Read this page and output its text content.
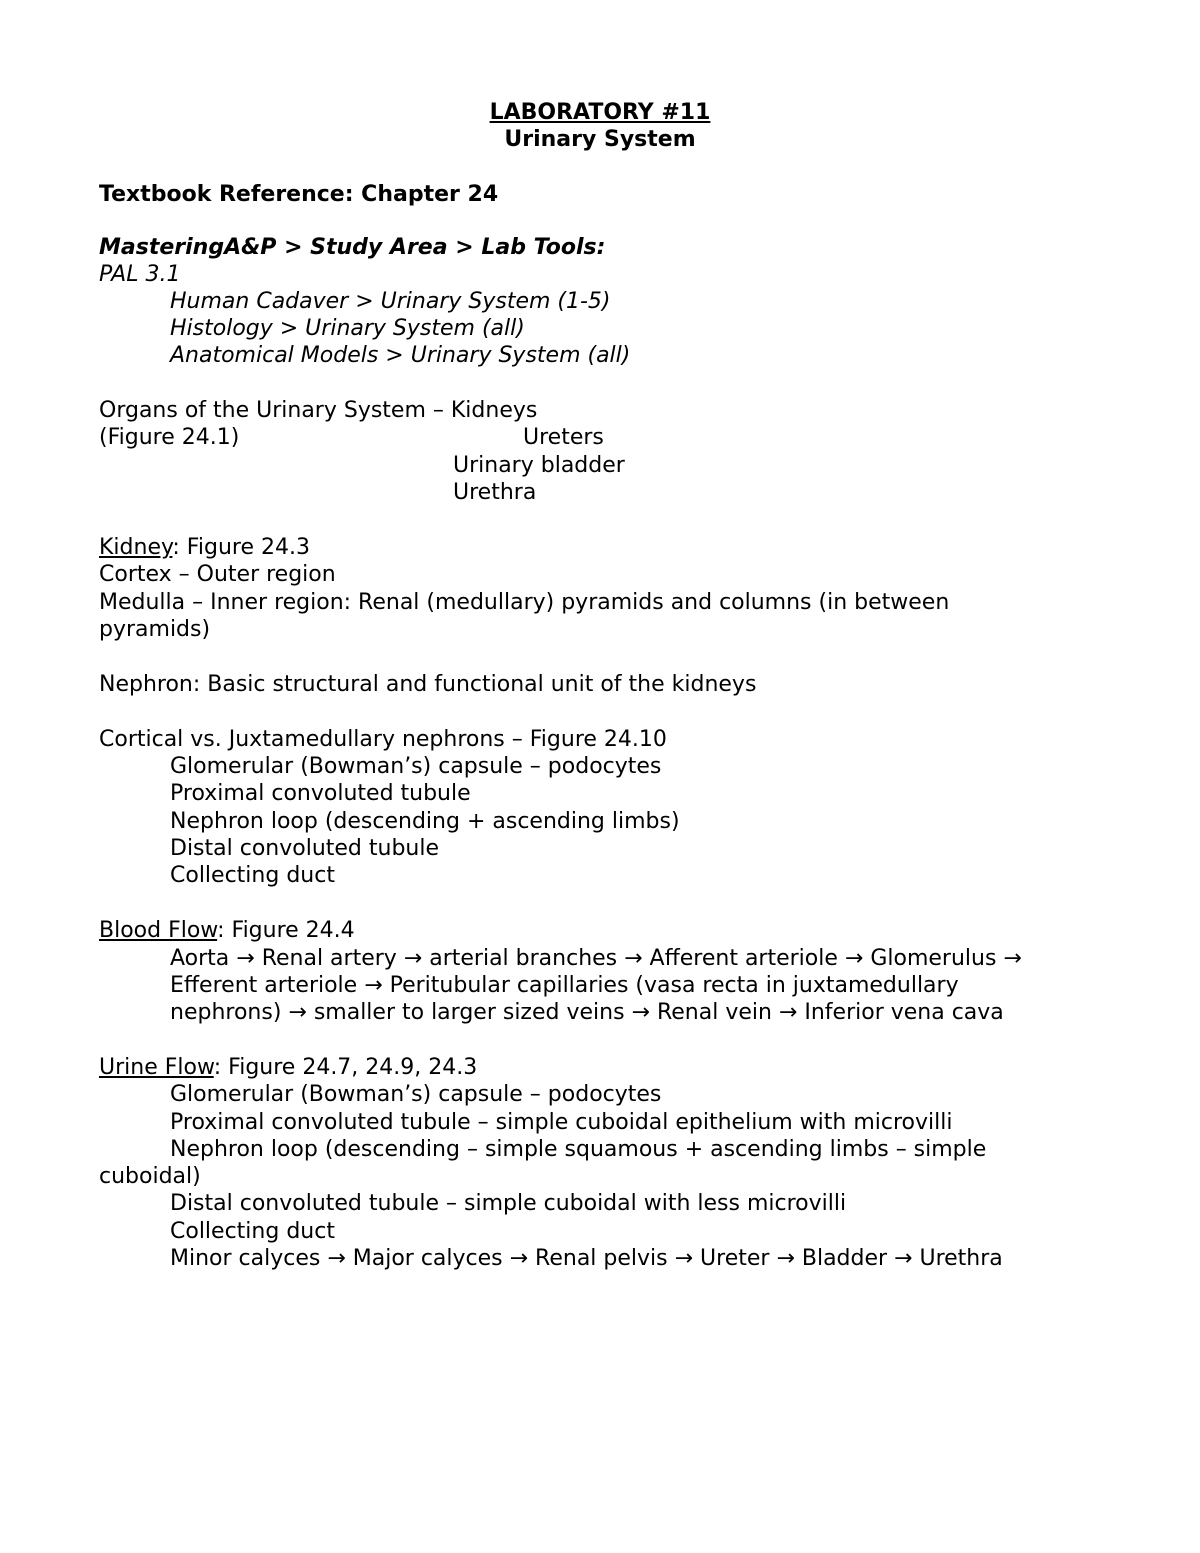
LABORATORY #11
Urinary System
Textbook Reference: Chapter 24
MasteringA&P > Study Area > Lab Tools:
PAL 3.1
Human Cadaver > Urinary System (1-5)
Histology > Urinary System (all)
Anatomical Models > Urinary System (all)
Organs of the Urinary System – Kidneys
(Figure 24.1)	Ureters
Urinary bladder
Urethra
Kidney: Figure 24.3
Cortex – Outer region
Medulla – Inner region: Renal (medullary) pyramids and columns (in between
pyramids)
Nephron: Basic structural and functional unit of the kidneys
Cortical vs. Juxtamedullary nephrons – Figure 24.10
Glomerular (Bowman’s) capsule – podocytes
Proximal convoluted tubule
Nephron loop (descending + ascending limbs)
Distal convoluted tubule
Collecting duct
Blood Flow: Figure 24.4
Aorta → Renal artery → arterial branches → Afferent arteriole → Glomerulus →
Efferent arteriole → Peritubular capillaries (vasa recta in juxtamedullary
nephrons) → smaller to larger sized veins → Renal vein → Inferior vena cava
Urine Flow: Figure 24.7, 24.9, 24.3
Glomerular (Bowman’s) capsule – podocytes
Proximal convoluted tubule – simple cuboidal epithelium with microvilli
Nephron loop (descending – simple squamous + ascending limbs – simple
cuboidal)
Distal convoluted tubule – simple cuboidal with less microvilli
Collecting duct
Minor calyces → Major calyces → Renal pelvis → Ureter → Bladder → Urethra
